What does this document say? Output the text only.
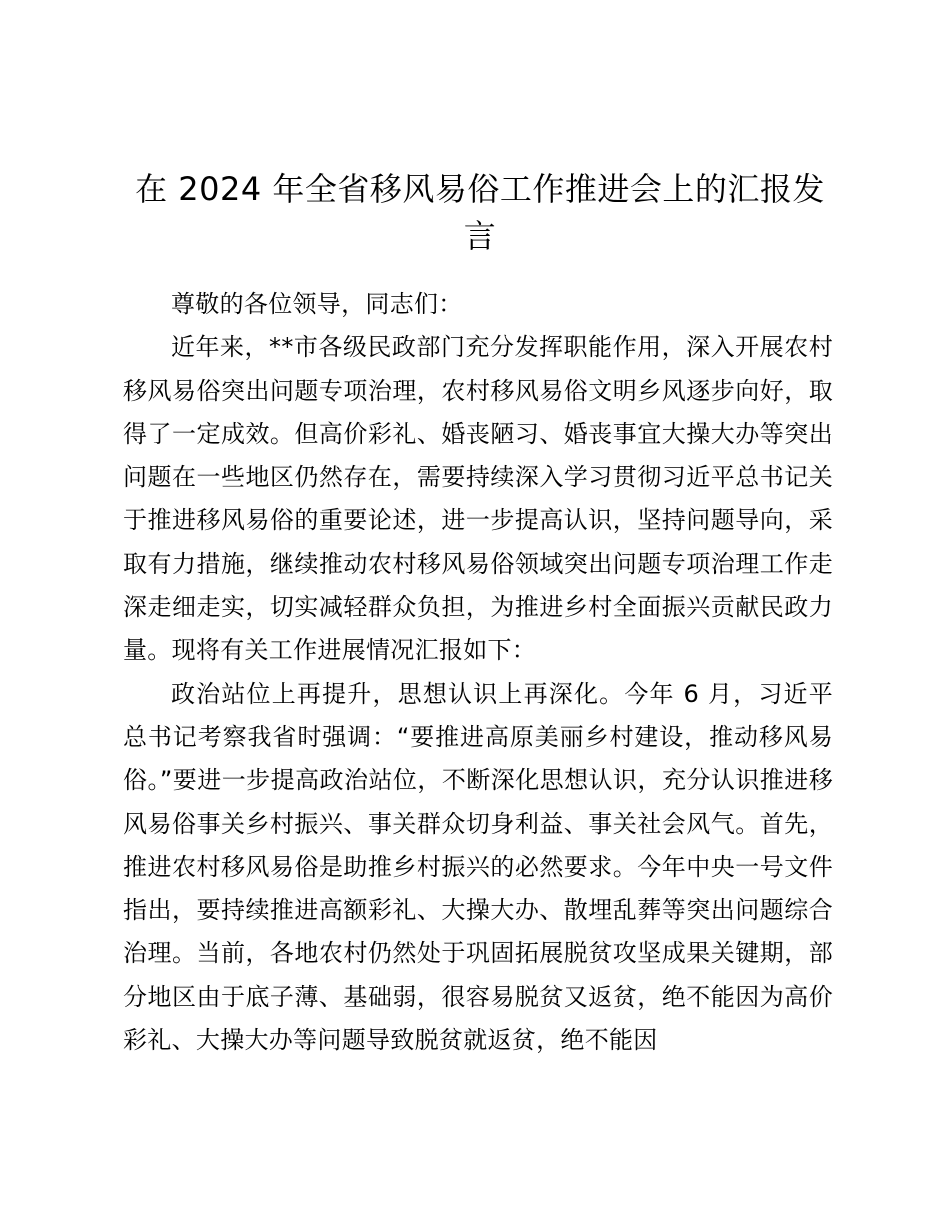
在 2024 年全省移风易俗工作推进会上的汇报发言

尊敬的各位领导，同志们：

近年来，**市各级民政部门充分发挥职能作用，深入开展农村移风易俗突出问题专项治理，农村移风易俗文明乡风逐步向好，取得了一定成效。但高价彩礼、婚丧陋习、婚丧事宜大操大办等突出问题在一些地区仍然存在，需要持续深入学习贯彻习近平总书记关于推进移风易俗的重要论述，进一步提高认识，坚持问题导向，采取有力措施，继续推动农村移风易俗领域突出问题专项治理工作走深走细走实，切实减轻群众负担，为推进乡村全面振兴贡献民政力量。现将有关工作进展情况汇报如下：

政治站位上再提升，思想认识上再深化。今年 6 月，习近平总书记考察我省时强调：“要推进高原美丽乡村建设，推动移风易俗。”要进一步提高政治站位，不断深化思想认识，充分认识推进移风易俗事关乡村振兴、事关群众切身利益、事关社会风气。首先，推进农村移风易俗是助推乡村振兴的必然要求。今年中央一号文件指出，要持续推进高额彩礼、大操大办、散埋乱葬等突出问题综合治理。当前，各地农村仍然处于巩固拓展脱贫攻坚成果关键期，部分地区由于底子薄、基础弱，很容易脱贫又返贫，绝不能因为高价彩礼、大操大办等问题导致脱贫就返贫，绝不能因
